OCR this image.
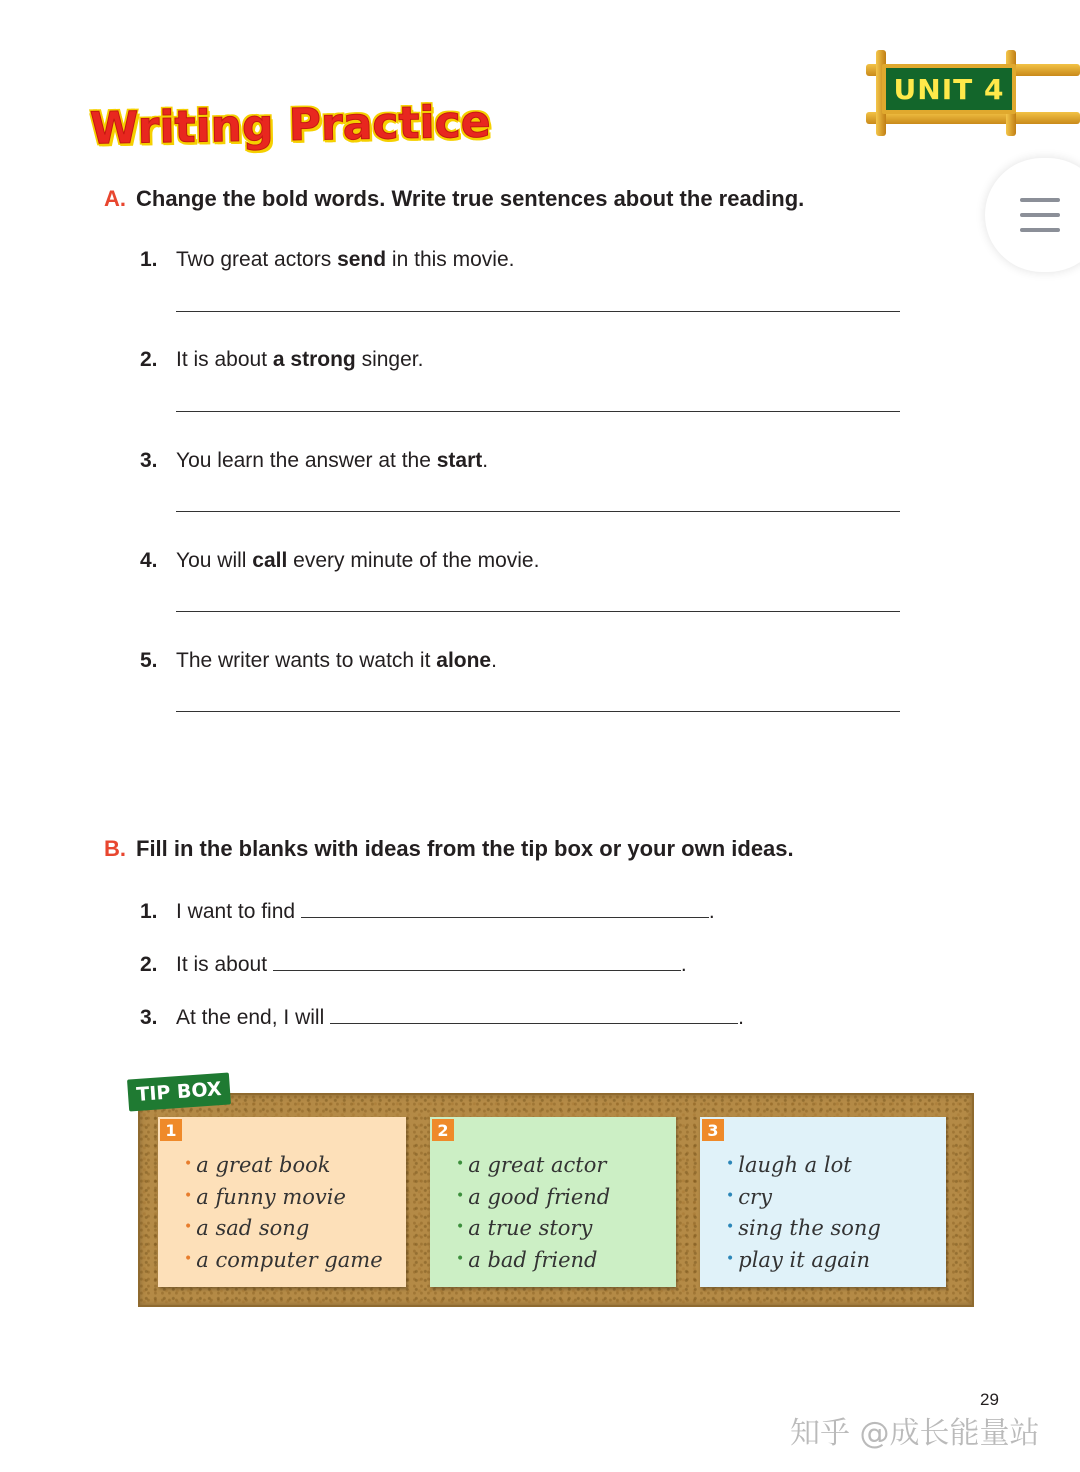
Writing Practice
UNIT 4
A. Change the bold words. Write true sentences about the reading.
1. Two great actors send in this movie.
2. It is about a strong singer.
3. You learn the answer at the start.
4. You will call every minute of the movie.
5. The writer wants to watch it alone.
B. Fill in the blanks with ideas from the tip box or your own ideas.
1. I want to find	.
2. It is about	.
3. At the end, I will	.
TIP BOX
1
• a great book
• a funny movie
• a sad song
• a computer game
2
• a great actor
• a good friend
• a true story
• a bad friend
3
• laugh a lot
• cry
• sing the song
• play it again
29
知乎 @成长能量站
